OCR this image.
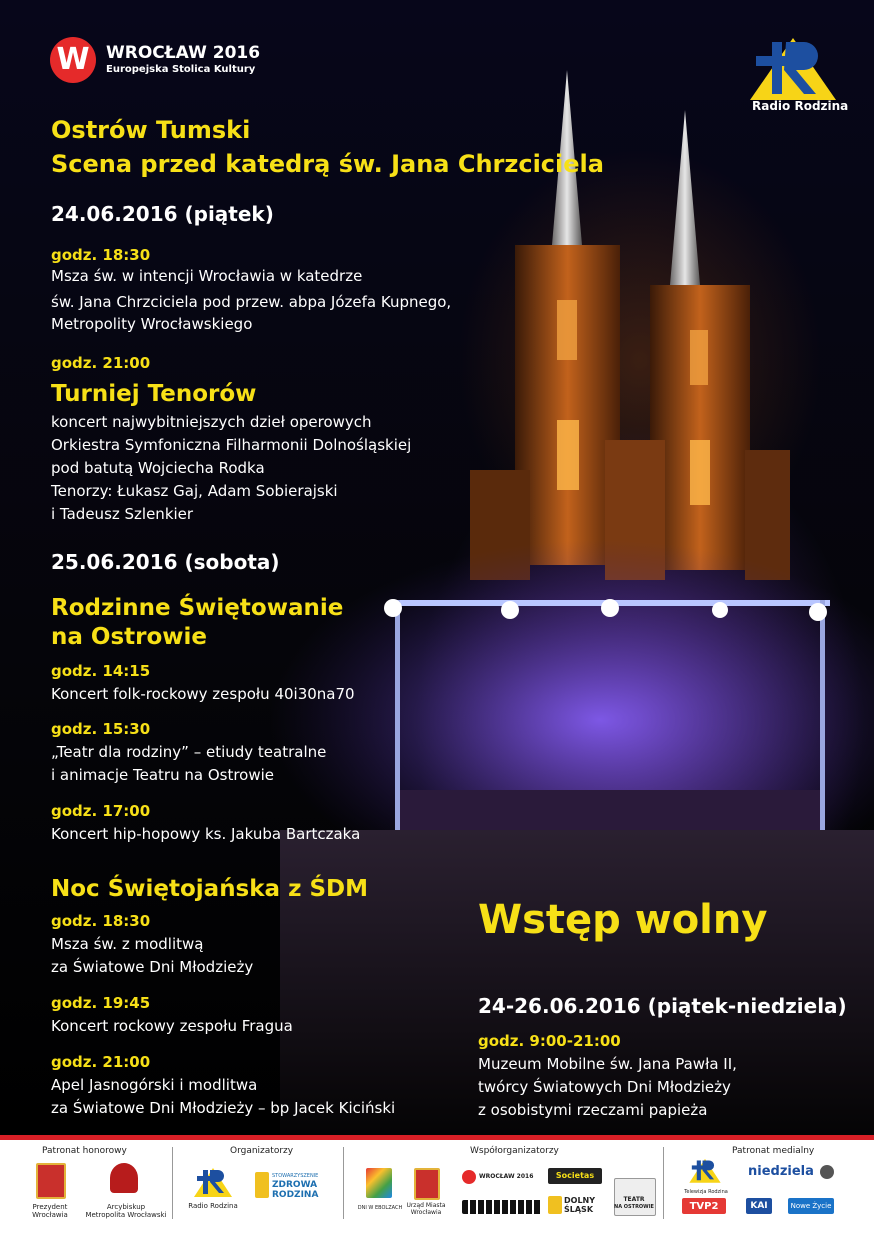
W WROCŁAW 2016
Europejska Stolica Kultury
Radio Rodzina
Ostrów Tumski
Scena przed katedrą św. Jana Chrzciciela
24.06.2016 (piątek)
godz. 18:30
Msza św. w intencji Wrocławia w katedrze
św. Jana Chrzciciela pod przew. abpa Józefa Kupnego,
Metropolity Wrocławskiego
godz. 21:00
Turniej Tenorów
koncert najwybitniejszych dzieł operowych
Orkiestra Symfoniczna Filharmonii Dolnośląskiej
pod batutą Wojciecha Rodka
Tenorzy: Łukasz Gaj, Adam Sobierajski
i Tadeusz Szlenkier
25.06.2016 (sobota)
Rodzinne Świętowanie
na Ostrowie
godz. 14:15
Koncert folk-rockowy zespołu 40i30na70
godz. 15:30
„Teatr dla rodziny” – etiudy teatralne
i animacje Teatru na Ostrowie
godz. 17:00
Koncert hip-hopowy ks. Jakuba Bartczaka
Noc Świętojańska z ŚDM
godz. 18:30
Msza św. z modlitwą
za Światowe Dni Młodzieży
godz. 19:45
Koncert rockowy zespołu Fragua
godz. 21:00
Apel Jasnogórski i modlitwa
za Światowe Dni Młodzieży – bp Jacek Kiciński
Wstęp wolny
24-26.06.2016 (piątek-niedziela)
godz. 9:00-21:00
Muzeum Mobilne św. Jana Pawła II,
twórcy Światowych Dni Młodzieży
z osobistymi rzeczami papieża
Patronat honorowy	Organizatorzy	Współorganizatorzy	Patronat medialny
Prezydent Wrocławia
Arcybiskup
Metropolita Wrocławski
Radio Rodzina
STOWARZYSZENIE
ZDROWA
RODZINA
DNI W EBOLZACH Urząd Miasta
Wrocławia
WROCŁAW 2016	Societas
DOLNY
ŚLĄSK
TEATR
NA OSTROWIE
Telewizja Rodzina
niedziela
TVP2	KAI	Nowe Życie
